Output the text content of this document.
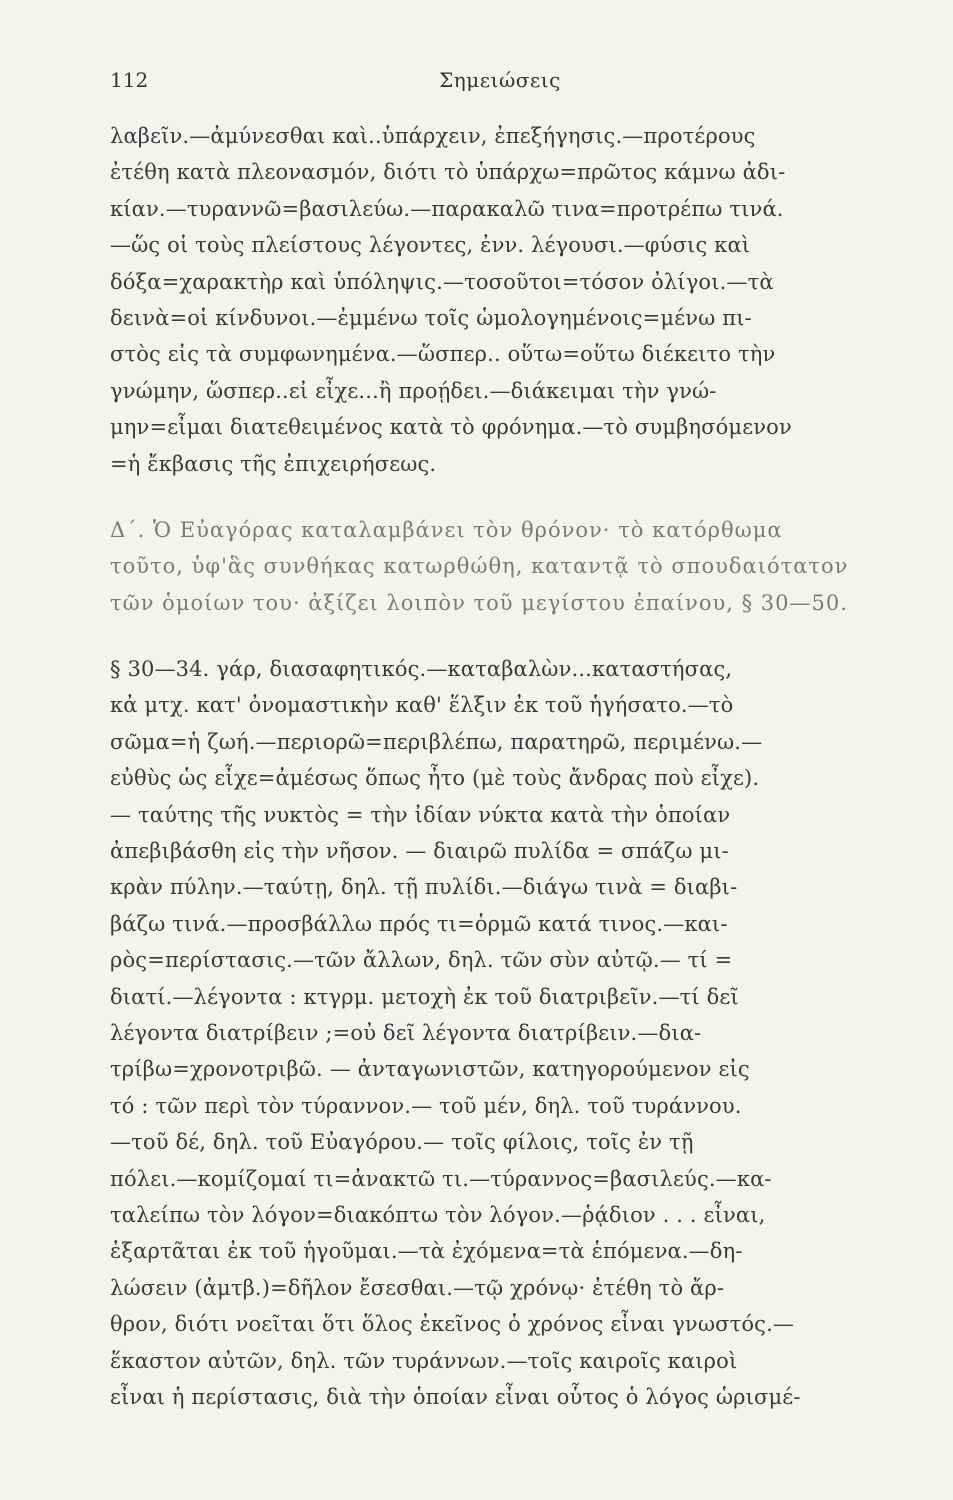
112	Σημειώσεις
λαβεῖν.—ἀμύνεσθαι καὶ..ὑπάρχειν, ἐπεξήγησις.—προτέρους
ἐτέθη κατὰ πλεονασμόν, διότι τὸ ὑπάρχω=πρῶτος κάμνω ἀδι-
κίαν.—τυραννῶ=βασιλεύω.—παρακαλῶ τινα=προτρέπω τινά.
—ὥς οἱ τοὺς πλείστους λέγοντες, ἐνν. λέγουσι.—φύσις καὶ
δόξα=χαρακτὴρ καὶ ὑπόληψις.—τοσοῦτοι=τόσον ὀλίγοι.—τὰ
δεινὰ=οἱ κίνδυνοι.—ἐμμένω τοῖς ὡμολογημένοις=μένω πι-
στὸς εἰς τὰ συμφωνημένα.—ὥσπερ.. οὕτω=οὕτω διέκειτο τὴν
γνώμην, ὥσπερ..εἰ εἶχε...ἢ προῄδει.—διάκειμαι τὴν γνώ-
μην=εἶμαι διατεθειμένος κατὰ τὸ φρόνημα.—τὸ συμβησόμενον
=ἡ ἔκβασις τῆς ἐπιχειρήσεως.
Δ΄. Ὁ Εὐαγόρας καταλαμβάνει τὸν θρόνον· τὸ κατόρθωμα
τοῦτο, ὑφ'ἃς συνθήκας κατωρθώθη, καταντᾷ τὸ σπουδαιότατον
τῶν ὁμοίων του· ἀξίζει λοιπὸν τοῦ μεγίστου ἐπαίνου, § 30—50.
§ 30—34. γάρ, διασαφητικός.—καταβαλὼν...καταστήσας,
κἀ μτχ. κατ' ὀνομαστικὴν καθ' ἕλξιν ἐκ τοῦ ἡγήσατο.—τὸ
σῶμα=ἡ ζωή.—περιορῶ=περιβλέπω, παρατηρῶ, περιμένω.—
εὐθὺς ὡς εἶχε=ἀμέσως ὅπως ἦτο (μὲ τοὺς ἄνδρας ποὺ εἶχε).
— ταύτης τῆς νυκτὸς = τὴν ἰδίαν νύκτα κατὰ τὴν ὁποίαν
ἀπεβιβάσθη εἰς τὴν νῆσον. — διαιρῶ πυλίδα = σπάζω μι-
κρὰν πύλην.—ταύτῃ, δηλ. τῇ πυλίδι.—διάγω τινὰ = διαβι-
βάζω τινά.—προσβάλλω πρός τι=ὁρμῶ κατά τινος.—και-
ρὸς=περίστασις.—τῶν ἄλλων, δηλ. τῶν σὺν αὐτῷ.— τί =
διατί.—λέγοντα : κτγρμ. μετοχὴ ἐκ τοῦ διατριβεῖν.—τί δεῖ
λέγοντα διατρίβειν ;=οὐ δεῖ λέγοντα διατρίβειν.—δια-
τρίβω=χρονοτριβῶ. — ἀνταγωνιστῶν, κατηγορούμενον εἰς
τό : τῶν περὶ τὸν τύραννον.— τοῦ μέν, δηλ. τοῦ τυράννου.
—τοῦ δέ, δηλ. τοῦ Εὐαγόρου.— τοῖς φίλοις, τοῖς ἐν τῇ
πόλει.—κομίζομαί τι=ἀνακτῶ τι.—τύραννος=βασιλεύς.—κα-
ταλείπω τὸν λόγον=διακόπτω τὸν λόγον.—ῥᾴδιον . . . εἶναι,
ἐξαρτᾶται ἐκ τοῦ ἡγοῦμαι.—τὰ ἐχόμενα=τὰ ἑπόμενα.—δη-
λώσειν (ἀμτβ.)=δῆλον ἔσεσθαι.—τῷ χρόνῳ· ἐτέθη τὸ ἄρ-
θρον, διότι νοεῖται ὅτι ὅλος ἐκεῖνος ὁ χρόνος εἶναι γνωστός.—
ἕκαστον αὐτῶν, δηλ. τῶν τυράννων.—τοῖς καιροῖς καιροὶ
εἶναι ἡ περίστασις, διὰ τὴν ὁποίαν εἶναι οὗτος ὁ λόγος ὡρισμέ-
